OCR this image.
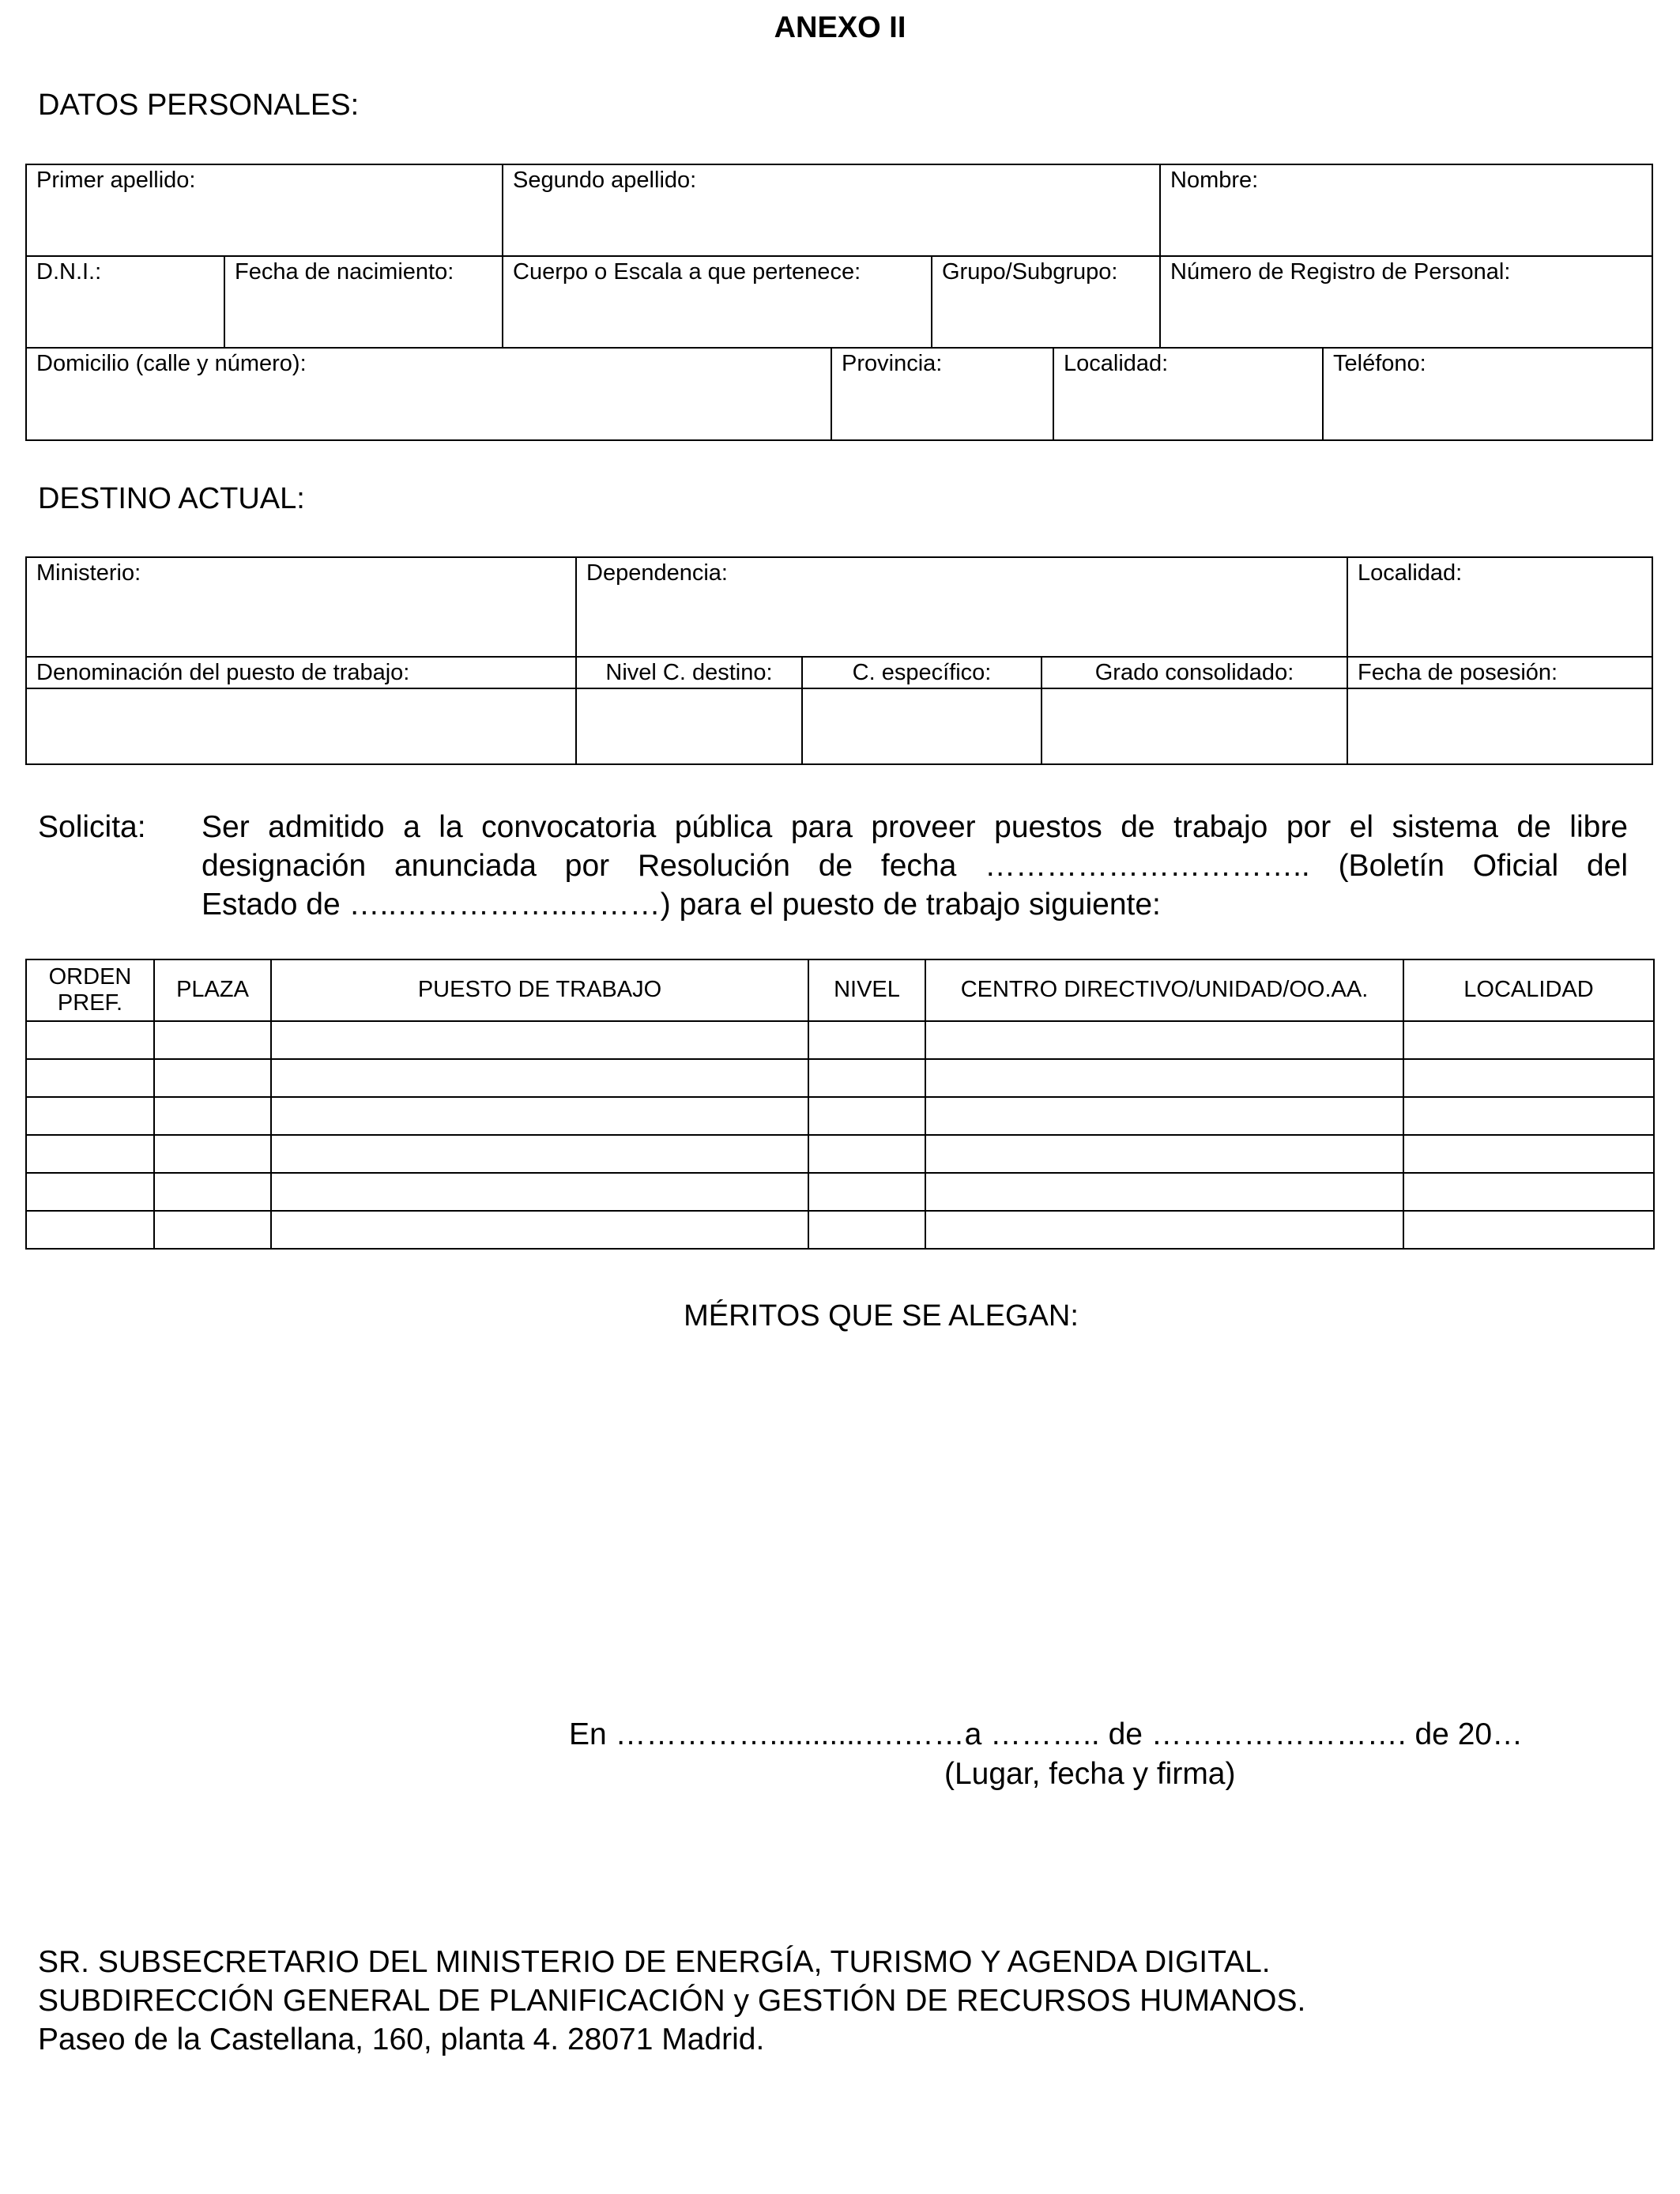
ANEXO II
DATOS PERSONALES:
Primer apellido:	Segundo apellido:	Nombre:
D.N.I.:	Fecha de nacimiento:	Cuerpo o Escala a que pertenece:	Grupo/Subgrupo:	Número de Registro de Personal:
Domicilio (calle y número):	Provincia:	Localidad:	Teléfono:
DESTINO ACTUAL:
Ministerio:	Dependencia:	Localidad:
Denominación del puesto de trabajo:	Nivel C. destino:	C. específico:	Grado consolidado:	Fecha de posesión:
Solicita: Ser admitido a la convocatoria pública para proveer puestos de trabajo por el sistema de libre
designación anunciada por Resolución de fecha ………………………….. (Boletín Oficial del
Estado de …..……………..………) para el puesto de trabajo siguiente:
ORDEN PREF.	PLAZA	PUESTO DE TRABAJO	NIVEL	CENTRO DIRECTIVO/UNIDAD/OO.AA.	LOCALIDAD

MÉRITOS QUE SE ALEGAN:
En ……………...........….……a ……….. de ……………………. de 20…
(Lugar, fecha y firma)
SR. SUBSECRETARIO DEL MINISTERIO DE ENERGÍA, TURISMO Y AGENDA DIGITAL.
SUBDIRECCIÓN GENERAL DE PLANIFICACIÓN y GESTIÓN DE RECURSOS HUMANOS.
Paseo de la Castellana, 160, planta 4. 28071 Madrid.
